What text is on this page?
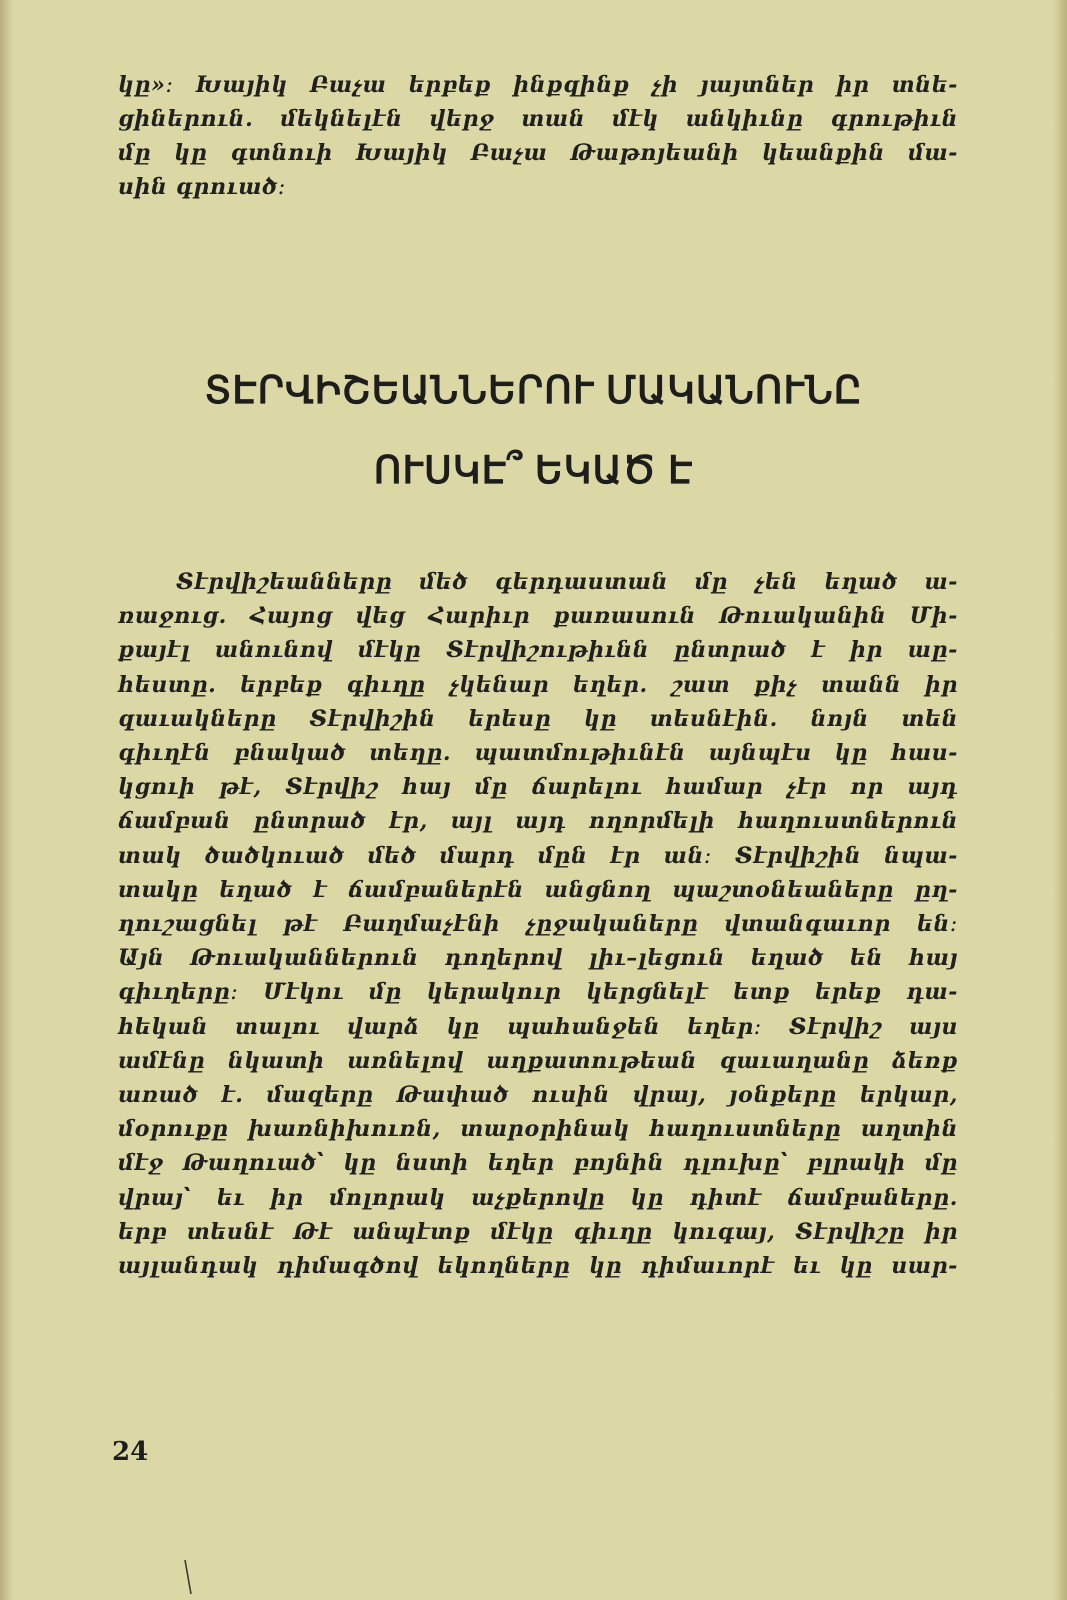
կը»։ Խայիկ Բաչա երբեք ինքզինք չի յայտներ իր տնե-
ցիներուն․ մեկնելէն վերջ տան մէկ անկիւնը գրութիւն
մը կը գտնուի Խայիկ Բաչա Թաթոյեանի կեանքին մա-
սին գրուած։
ՏԷՐՎԻՇԵԱՆՆԵՐՈՒ ՄԱԿԱՆՈՒՆԸ
ՈՒՍԿԷ՞ ԵԿԱԾ Է
Տէրվիշեանները մեծ գերդաստան մը չեն եղած ա-
ռաջուց․ Հայոց վեց Հարիւր քառասուն Թուականին Մի-
քայէլ անունով մէկը Տէրվիշութիւնն ընտրած է իր աը-
հեստը․ երբեք գիւղը չկենար եղեր․ շատ քիչ տանն իր
զաւակները Տէրվիշին երեսը կը տեսնէին․ նոյն տեն
գիւղէն բնակած տեղը․ պատմութիւնէն այնպէս կը հաս-
կցուի թէ, Տէրվիշ հայ մը ճարելու համար չէր որ այդ
ճամբան ընտրած էր, այլ այդ ողորմելի հաղուստներուն
տակ ծածկուած մեծ մարդ մըն էր ան։ Տէրվիշին նպա-
տակը եղած է ճամբաներէն անցնող պաշտօնեաները ըղ-
ղուշացնել թէ Բաղմաչէնի չըջակաները վտանգաւոր են։
Այն Թուականներուն դողերով լիւ–լեցուն եղած են հայ
գիւղերը։ Մէկու մը կերակուր կերցնելէ ետք երեք դա-
հեկան տալու վարձ կը պահանջեն եղեր։ Տէրվիշ այս
ամէնը նկատի առնելով աղքատութեան զաւաղանը ձեռք
առած է․ մազերը Թափած ուսին վրայ, յօնքերը երկար,
մօրուքը խառնիխուռն, տարօրինակ հաղուստները աղտին
մէջ Թաղուած՝ կը նստի եղեր բոյնին դլուխը՝ բլրակի մը
վրայ՝ եւ իր մոլորակ աչքերովը կը դիտէ ճամբաները․
երբ տեսնէ Թէ անպէտք մէկը գիւղը կուգայ, Տէրվիշը իր
այլանդակ դիմագծով եկողները կը դիմաւորէ եւ կը սար-
24
